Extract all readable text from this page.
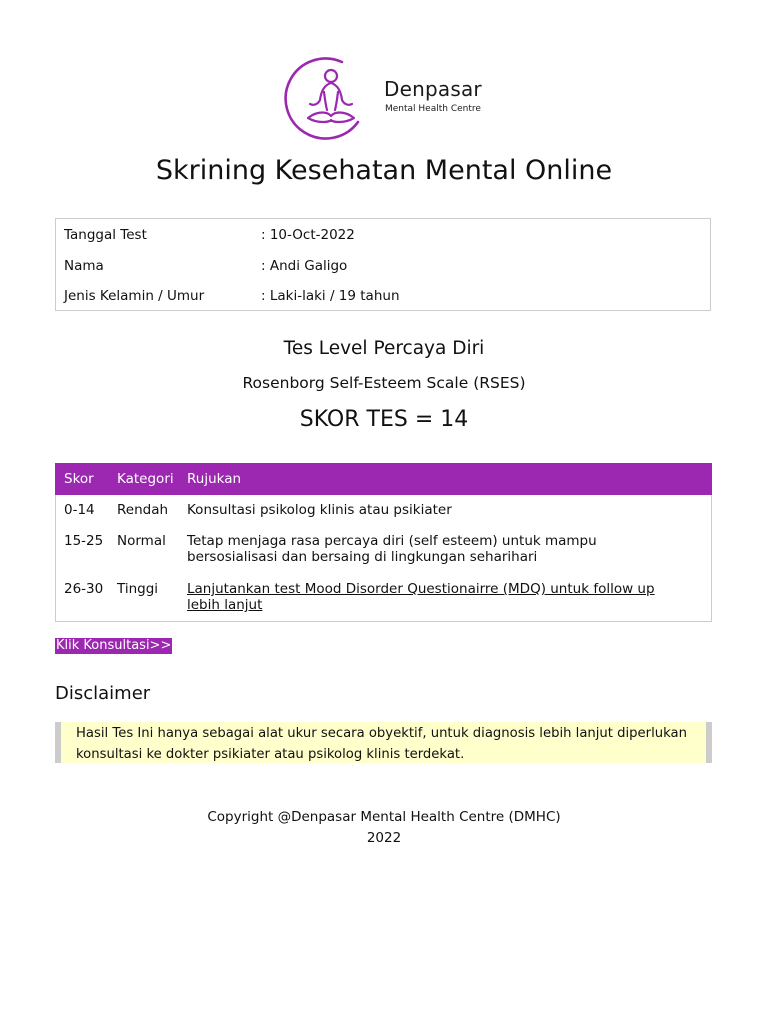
Denpasar
Mental Health Centre
Skrining Kesehatan Mental Online
Tanggal Test	: 10-Oct-2022
Nama	: Andi Galigo
Jenis Kelamin / Umur	: Laki-laki / 19 tahun
Tes Level Percaya Diri
Rosenborg Self-Esteem Scale (RSES)
SKOR TES = 14
Skor Kategori Rujukan
0-14 Rendah Konsultasi psikolog klinis atau psikiater
15-25 Normal Tetap menjaga rasa percaya diri (self esteem) untuk mampu bersosialisasi dan bersaing di lingkungan seharihari
26-30 Tinggi Lanjutankan test Mood Disorder Questionairre (MDQ) untuk follow up lebih lanjut
Klik Konsultasi>>
Disclaimer
Hasil Tes Ini hanya sebagai alat ukur secara obyektif, untuk diagnosis lebih lanjut diperlukan konsultasi ke dokter psikiater atau psikolog klinis terdekat.
Copyright @Denpasar Mental Health Centre (DMHC)
2022
